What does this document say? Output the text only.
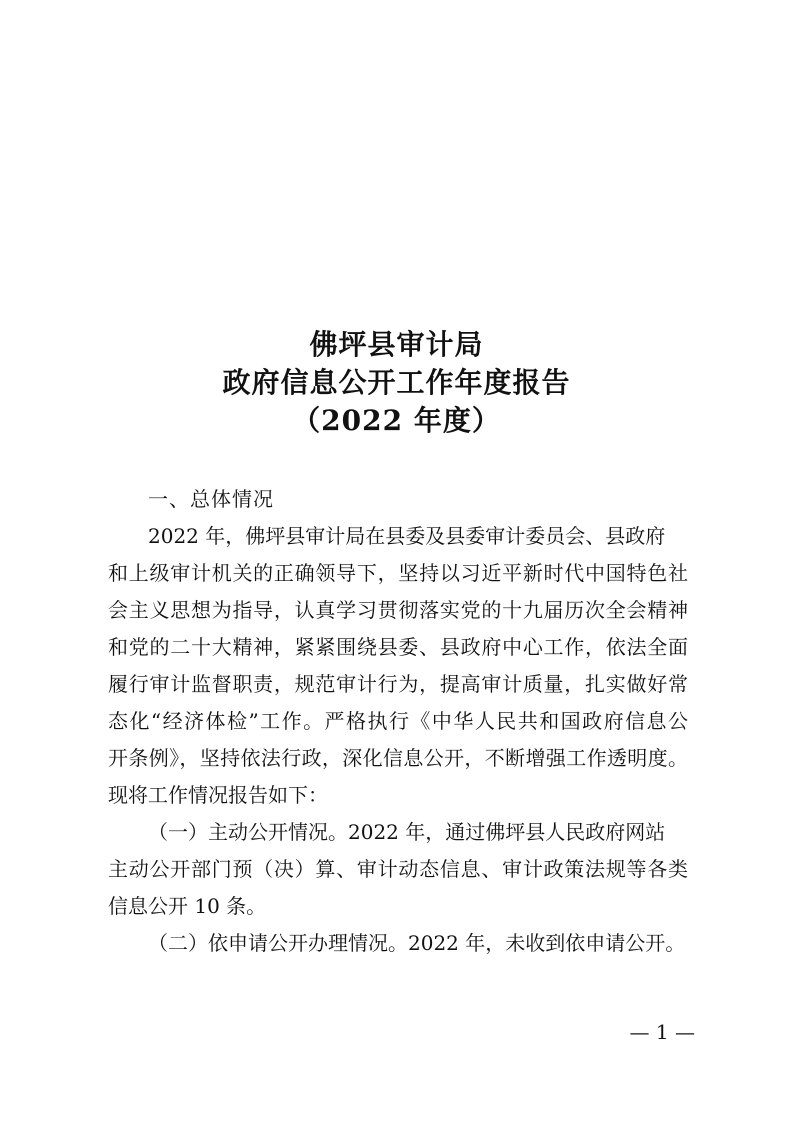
佛坪县审计局
政府信息公开工作年度报告
（2022 年度）
一、总体情况
2022 年，佛坪县审计局在县委及县委审计委员会、县政府
和上级审计机关的正确领导下，坚持以习近平新时代中国特色社
会主义思想为指导，认真学习贯彻落实党的十九届历次全会精神
和党的二十大精神，紧紧围绕县委、县政府中心工作，依法全面
履行审计监督职责，规范审计行为，提高审计质量，扎实做好常
态化“经济体检”工作。严格执行《中华人民共和国政府信息公
开条例》，坚持依法行政，深化信息公开，不断增强工作透明度。
现将工作情况报告如下：
（一）主动公开情况。2022 年，通过佛坪县人民政府网站
主动公开部门预（决）算、审计动态信息、审计政策法规等各类
信息公开 10 条。
（二）依申请公开办理情况。2022 年，未收到依申请公开。
— 1 —
